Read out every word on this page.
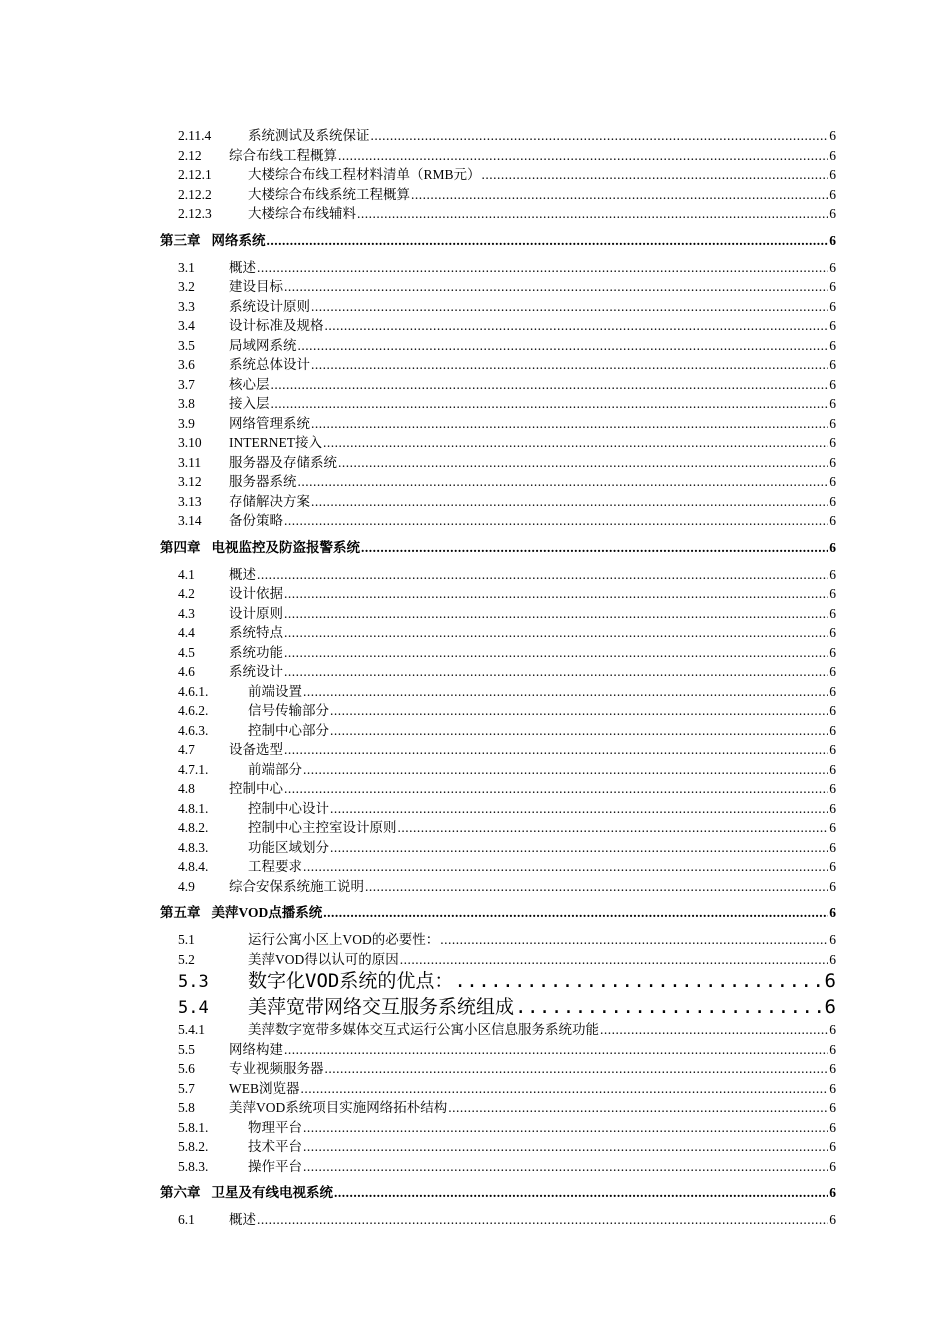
2.11.4	系统测试及系统保证 .....	6
2.12	综合布线工程概算 .....	6
2.12.1	大楼综合布线工程材料清单（RMB元） .....	6
2.12.2	大楼综合布线系统工程概算 .....	6
2.12.3	大楼综合布线辅料 .....	6
第三章 网络系统 .....	6
3.1	概述 .....	6
3.2	建设目标 .....	6
3.3	系统设计原则 .....	6
3.4	设计标准及规格 .....	6
3.5	局域网系统 .....	6
3.6	系统总体设计 .....	6
3.7	核心层 .....	6
3.8	接入层 .....	6
3.9	网络管理系统 .....	6
3.10	INTERNET接入 .....	6
3.11	服务器及存储系统 .....	6
3.12	服务器系统 .....	6
3.13	存储解决方案 .....	6
3.14	备份策略 .....	6
第四章 电视监控及防盗报警系统 .....	6
4.1	概述 .....	6
4.2	设计依据 .....	6
4.3	设计原则 .....	6
4.4	系统特点 .....	6
4.5	系统功能 .....	6
4.6	系统设计 .....	6
4.6.1.	前端设置 .....	6
4.6.2.	信号传输部分 .....	6
4.6.3.	控制中心部分 .....	6
4.7	设备选型 .....	6
4.7.1.	前端部分 .....	6
4.8	控制中心 .....	6
4.8.1.	控制中心设计 .....	6
4.8.2.	控制中心主控室设计原则 .....	6
4.8.3.	功能区域划分 .....	6
4.8.4.	工程要求 .....	6
4.9	综合安保系统施工说明 .....	6
第五章 美萍VOD点播系统 .....	6
5.1	运行公寓小区上VOD的必要性： .....	6
5.2	美萍VOD得以认可的原因 .....	6
5.3	数字化VOD系统的优点： .....	6
5.4	美萍宽带网络交互服务系统组成 .....	6
5.4.1	美萍数字宽带多媒体交互式运行公寓小区信息服务系统功能 .....	6
5.5	网络构建 .....	6
5.6	专业视频服务器 .....	6
5.7	WEB浏览器 .....	6
5.8	美萍VOD系统项目实施网络拓朴结构 .....	6
5.8.1.	物理平台 .....	6
5.8.2.	技术平台 .....	6
5.8.3.	操作平台 .....	6
第六章 卫星及有线电视系统 .....	6
6.1	概述 .....	6
